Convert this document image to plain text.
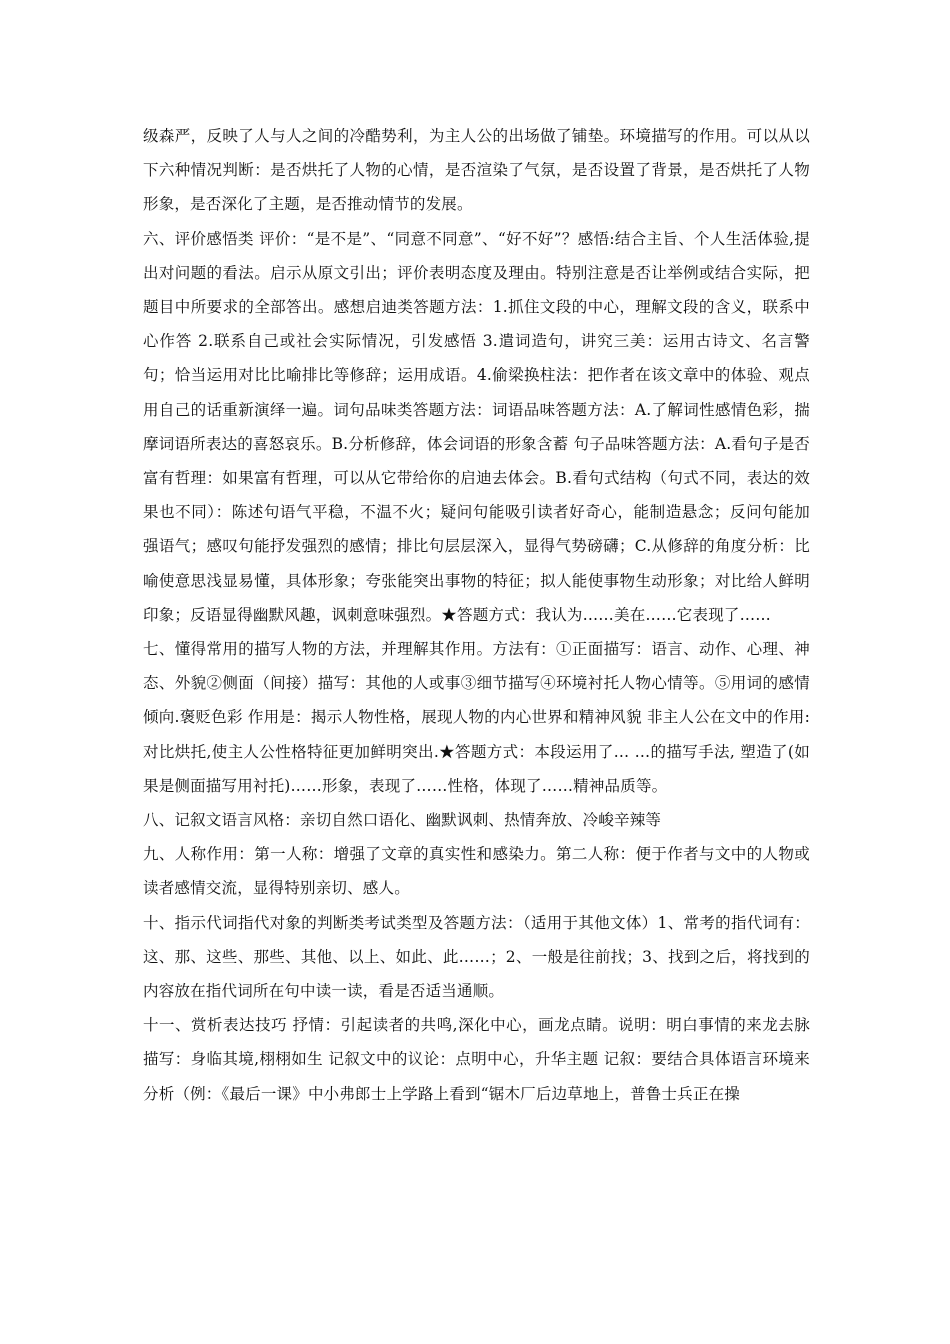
级森严，反映了人与人之间的冷酷势利，为主人公的出场做了铺垫。环境描写的作用。可以从以下六种情况判断：是否烘托了人物的心情，是否渲染了气氛，是否设置了背景，是否烘托了人物形象，是否深化了主题，是否推动情节的发展。

六、评价感悟类 评价：“是不是”、“同意不同意”、“好不好”？感悟:结合主旨、个人生活体验,提出对问题的看法。启示从原文引出；评价表明态度及理由。特别注意是否让举例或结合实际，把题目中所要求的全部答出。感想启迪类答题方法：1.抓住文段的中心，理解文段的含义，联系中心作答 2.联系自己或社会实际情况，引发感悟 3.遣词造句，讲究三美：运用古诗文、名言警句；恰当运用对比比喻排比等修辞；运用成语。4.偷梁换柱法：把作者在该文章中的体验、观点用自己的话重新演绎一遍。词句品味类答题方法：词语品味答题方法：A.了解词性感情色彩，揣摩词语所表达的喜怒哀乐。B.分析修辞，体会词语的形象含蓄 句子品味答题方法：A.看句子是否富有哲理：如果富有哲理，可以从它带给你的启迪去体会。B.看句式结构（句式不同，表达的效果也不同）：陈述句语气平稳，不温不火；疑问句能吸引读者好奇心，能制造悬念；反问句能加强语气；感叹句能抒发强烈的感情；排比句层层深入，显得气势磅礴；C.从修辞的角度分析：比喻使意思浅显易懂，具体形象；夸张能突出事物的特征；拟人能使事物生动形象；对比给人鲜明印象；反语显得幽默风趣，讽刺意味强烈。★答题方式：我认为……美在……它表现了……

七、懂得常用的描写人物的方法，并理解其作用。方法有：①正面描写：语言、动作、心理、神态、外貌②侧面（间接）描写：其他的人或事③细节描写④环境衬托人物心情等。⑤用词的感情倾向.褒贬色彩 作用是：揭示人物性格，展现人物的内心世界和精神风貌 非主人公在文中的作用:对比烘托,使主人公性格特征更加鲜明突出.★答题方式：本段运用了… …的描写手法, 塑造了(如果是侧面描写用衬托)……形象，表现了……性格，体现了……精神品质等。

八、记叙文语言风格：亲切自然口语化、幽默讽刺、热情奔放、冷峻辛辣等

九、人称作用：第一人称：增强了文章的真实性和感染力。第二人称：便于作者与文中的人物或读者感情交流，显得特别亲切、感人。

十、指示代词指代对象的判断类考试类型及答题方法：（适用于其他文体）1、常考的指代词有：这、那、这些、那些、其他、以上、如此、此……；2、一般是往前找；3、找到之后，将找到的内容放在指代词所在句中读一读，看是否适当通顺。

十一、赏析表达技巧 抒情：引起读者的共鸣,深化中心，画龙点睛。说明：明白事情的来龙去脉 描写：身临其境,栩栩如生 记叙文中的议论：点明中心，升华主题 记叙：要结合具体语言环境来分析（例：《最后一课》中小弗郎士上学路上看到“锯木厂后边草地上，普鲁士兵正在操
